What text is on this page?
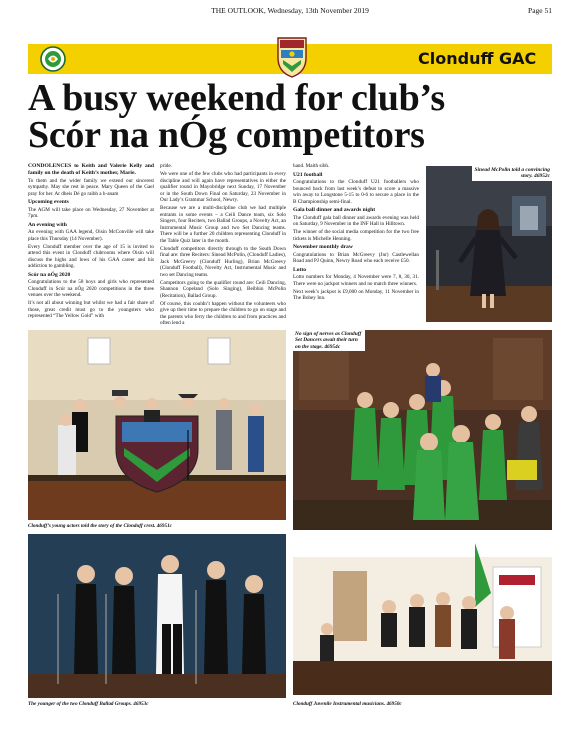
THE OUTLOOK, Wednesday, 13th November 2019	Page 51
Clonduff GAC
A busy weekend for club’s
Scór na nÓg competitors

CONDOLENCES to Keith and Valerie Kelly and family on the death of Keith’s mother, Marie.

To them and the wider family we extend our sincerest sympathy. May she rest in peace. Mary Queen of the Gael pray for her. Ar dheis Dé go raibh a h-anam

Upcoming events

The AGM will take place on Wednesday, 27 November at 7pm.

An evening with

An evening with GAA legend, Oisin McConville will take place this Thursday (14 November).

Every Clonduff member over the age of 15 is invited to attend this event in Clonduff clubrooms where Oisin will discuss the highs and lows of his GAA career and his addiction to gambling.

Scór na nÓg 2020

Congratulations to the 58 boys and girls who represented Clonduff in Scór na nÓg 2020 competitions in the three venues over the weekend.

It’s not all about winning but whilst we had a fair share of those, great credit must go to the youngsters who represented “The Yellow Gold” with

pride.

We were one of the few clubs who had participants in every discipline and will again have representatives in either the qualifier round in Mayobridge next Sunday, 17 November or in the South Down Final on Saturday, 23 November in Our Lady’s Grammar School, Newry.

Because we are a multi-discipline club we had multiple entrants in some events – a Ceili Dance team, six Solo Singers, four Reciters, two Ballad Groups, a Novelty Act, an Instrumental Music Group and two Set Dancing teams. There will be a further 20 children representing Clonduff in the Table Quiz later in the month.

Clonduff competitors directly through to the South Down final are: three Reciters: Sinead McPolin, (Clonduff Ladies), Jack McGreevy (Clonduff Hurling), Brian McGreevy (Clonduff Football), Novelty Act, Instrumental Music and two set Dancing teams.

Competitors going to the qualifier round are: Ceili Dancing, Shannon Copeland (Solo Singing), Beibhin McPolin (Recitation), Ballad Group.

Of course, this couldn’t happen without the volunteers who give up their time to prepare the children to go on stage and the parents who ferry the children to and from practices and often lend a

hand. Maith sibh.

U21 football

Congratulations to the Clonduff U21 footballers who bounced back from last week’s defeat to score a massive win away to Longstone 5-15 to 0-6 to secure a place in the B Championship semi-final.

Gala ball dinner and awards night

The Clonduff gala ball dinner and awards evening was held on Saturday, 9 November in the INF Hall in Hilltown.

The winner of the social media competition for the two free tickets is Michelle Henning.

November monthly draw

Congratulations to Brian McGreevy (Jnr) Castlewellan Road and PJ Quinn, Newry Road who each receive £50.

Lotto

Lotto numbers for Monday, 4 November were 7, 8, 30, 31. There were no jackpot winners and no match three winners.

Next week’s jackpot is £9,000 on Monday, 11 November in The Bohey Inn.

Sinead McPolin told a convincing story. 46952c
Clonduff’s young actors told the story of the Clonduff crest. 46951c
No sign of nerves as Clonduff Set Dancers await their turn on the stage. 46954c
The younger of the two Clonduff Ballad Groups. 46953c	Clonduff Juvenile Instrumental musicians. 46950c
